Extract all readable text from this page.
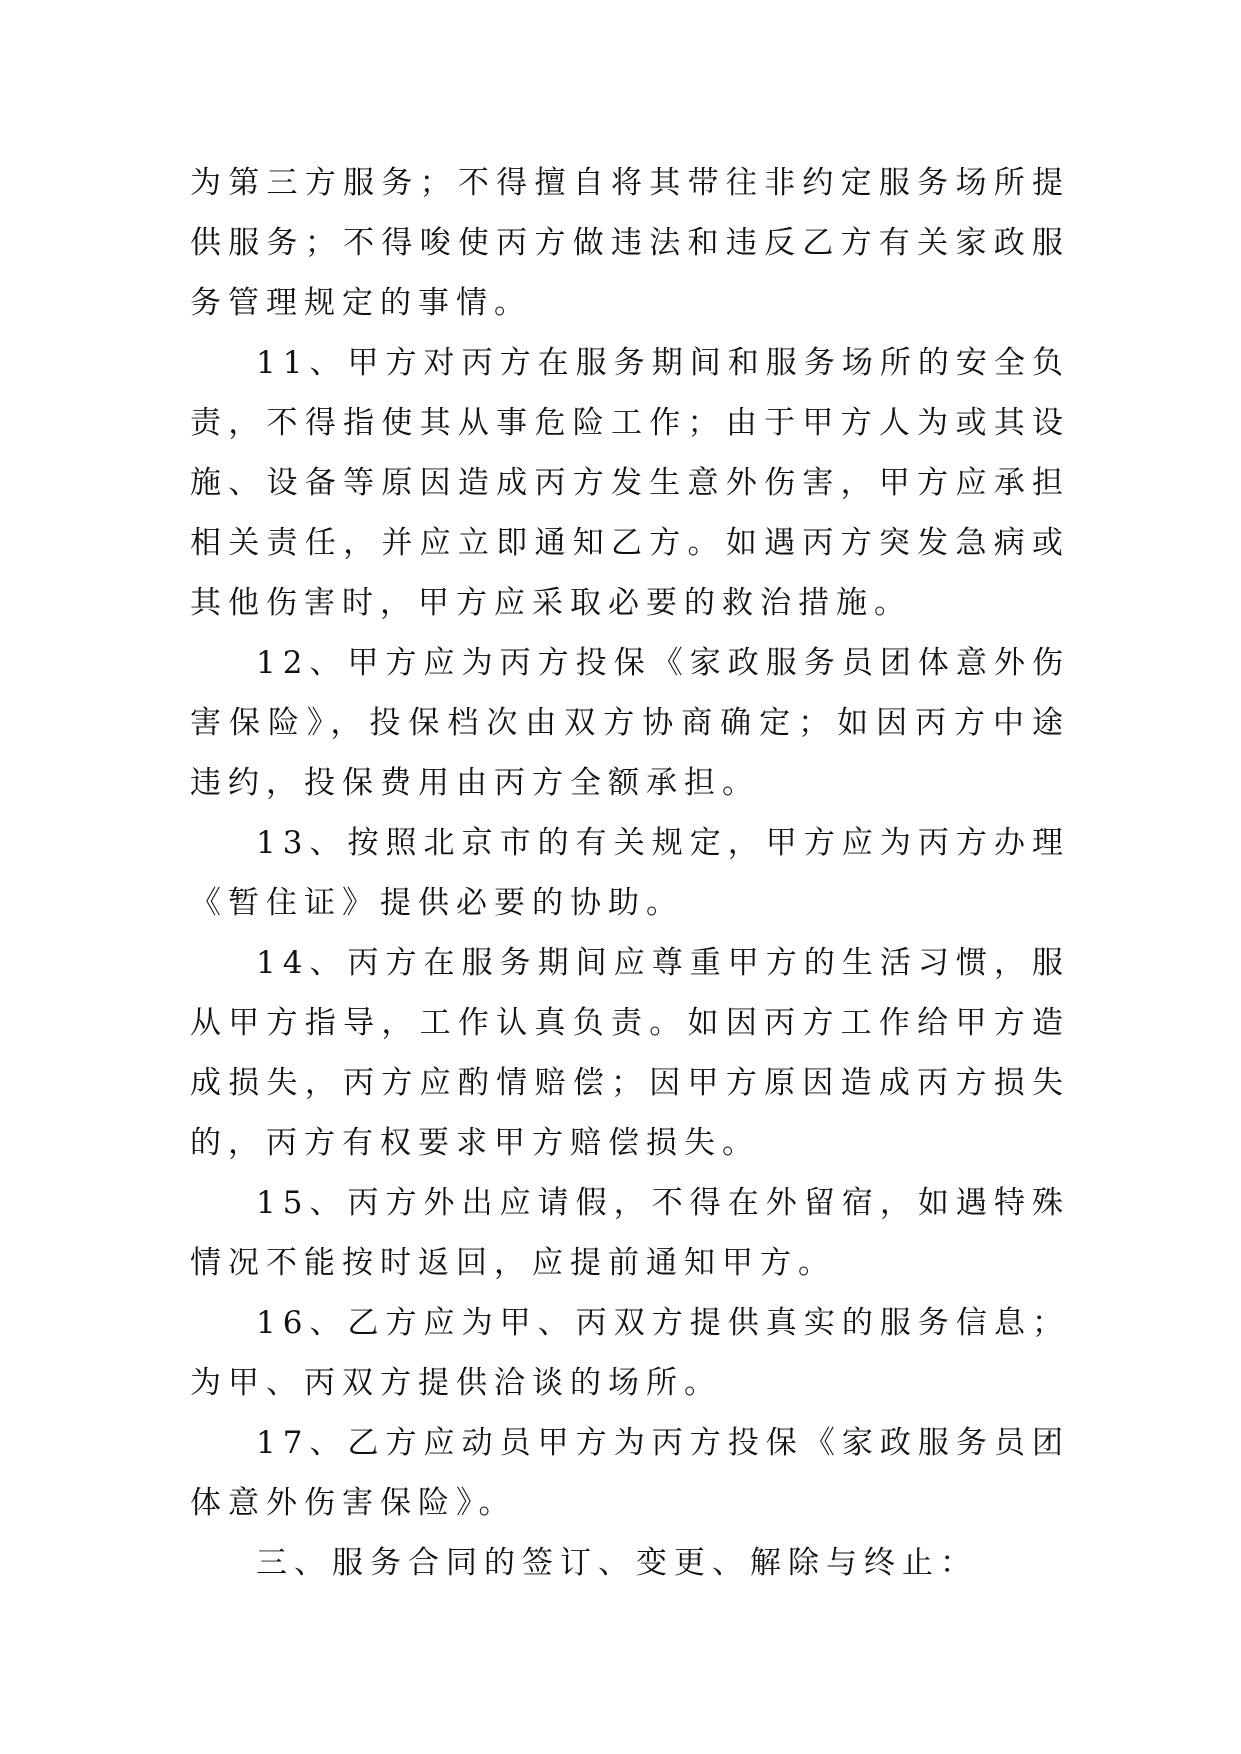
为第三方服务；不得擅自将其带往非约定服务场所提供服务；不得唆使丙方做违法和违反乙方有关家政服务管理规定的事情。

11、甲方对丙方在服务期间和服务场所的安全负责，不得指使其从事危险工作；由于甲方人为或其设施、设备等原因造成丙方发生意外伤害，甲方应承担相关责任，并应立即通知乙方。如遇丙方突发急病或其他伤害时，甲方应采取必要的救治措施。

12、甲方应为丙方投保《家政服务员团体意外伤害保险》，投保档次由双方协商确定；如因丙方中途违约，投保费用由丙方全额承担。

13、按照北京市的有关规定，甲方应为丙方办理《暂住证》提供必要的协助。

14、丙方在服务期间应尊重甲方的生活习惯，服从甲方指导，工作认真负责。如因丙方工作给甲方造成损失，丙方应酌情赔偿；因甲方原因造成丙方损失的，丙方有权要求甲方赔偿损失。

15、丙方外出应请假，不得在外留宿，如遇特殊情况不能按时返回，应提前通知甲方。

16、乙方应为甲、丙双方提供真实的服务信息；为甲、丙双方提供洽谈的场所。

17、乙方应动员甲方为丙方投保《家政服务员团体意外伤害保险》。

三、服务合同的签订、变更、解除与终止：
